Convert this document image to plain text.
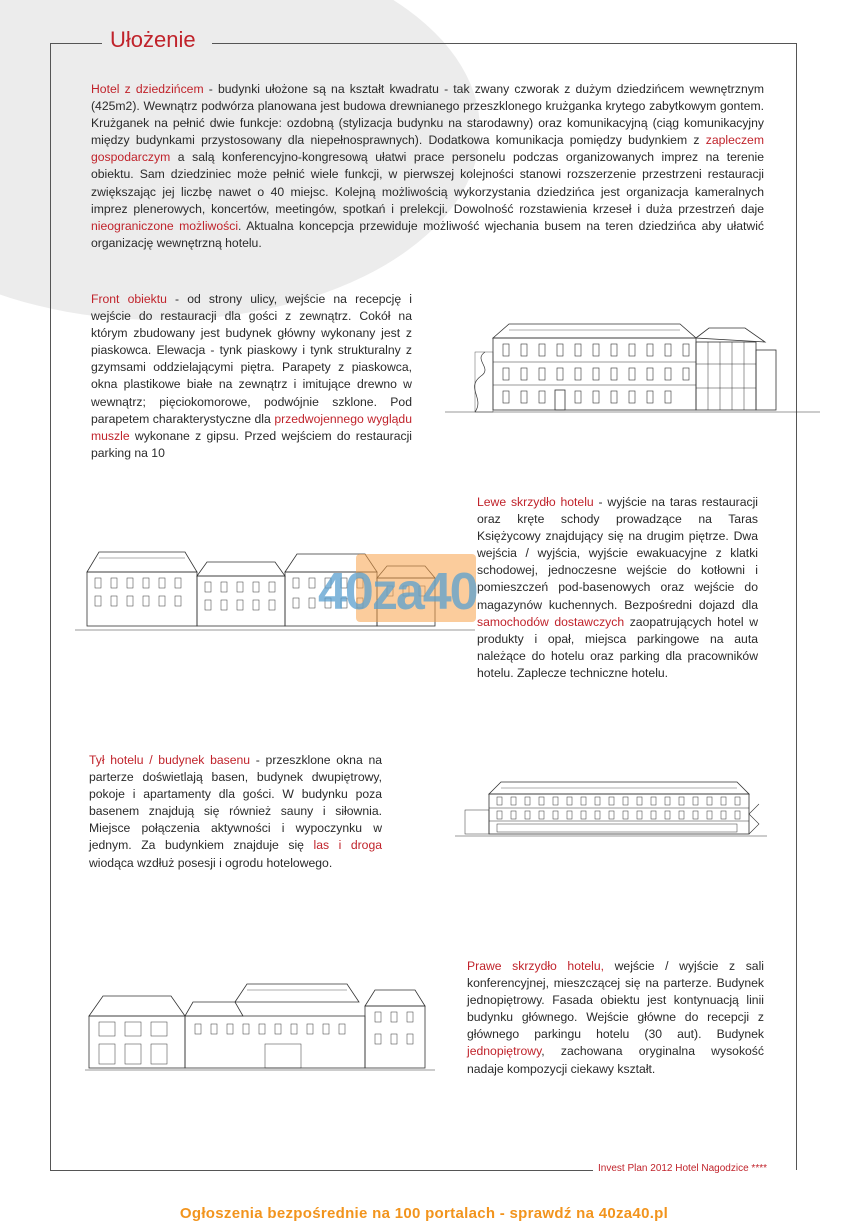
Ułożenie

Hotel z dziedzińcem - budynki ułożone są na kształt kwadratu - tak zwany czworak z dużym dziedzińcem wewnętrznym (425m2). Wewnątrz podwórza planowana jest budowa drewnianego przeszklonego krużganka krytego zabytkowym gontem. Krużganek na pełnić dwie funkcje: ozdobną (stylizacja budynku na starodawny) oraz komunikacyjną (ciąg komunikacyjny między budynkami przystosowany dla niepełnosprawnych). Dodatkowa komunikacja pomiędzy budynkiem z zapleczem gospodarczym a salą konferencyjno-kongresową ułatwi prace personelu podczas organizowanych imprez na terenie obiektu. Sam dziedziniec może pełnić wiele funkcji, w pierwszej kolejności stanowi rozszerzenie przestrzeni restauracji zwiększając jej liczbę nawet o 40 miejsc. Kolejną możliwością wykorzystania dziedzińca jest organizacja kameralnych imprez plenerowych, koncertów, meetingów, spotkań i prelekcji. Dowolność rozstawienia krzeseł i duża przestrzeń daje nieograniczone możliwości. Aktualna koncepcja przewiduje możliwość wjechania busem na teren dziedzińca aby ułatwić organizację wewnętrzną hotelu.

Front obiektu - od strony ulicy, wejście na recepcję i wejście do restauracji dla gości z zewnątrz. Cokół na którym zbudowany jest budynek główny wykonany jest z piaskowca. Elewacja - tynk piaskowy i tynk strukturalny z gzymsami oddzielającymi piętra. Parapety z piaskowca, okna plastikowe białe na zewnątrz i imitujące drewno w wewnątrz; pięciokomorowe, podwójnie szklone. Pod parapetem charakterystyczne dla przedwojennego wyglądu muszle wykonane z gipsu. Przed wejściem do restauracji parking na 10

Lewe skrzydło hotelu - wyjście na taras restauracji oraz kręte schody prowadzące na Taras Księżycowy znajdujący się na drugim piętrze. Dwa wejścia / wyjścia, wyjście ewakuacyjne z klatki schodowej, jednoczesne wejście do kotłowni i pomieszczeń pod-basenowych oraz wejście do magazynów kuchennych. Bezpośredni dojazd dla samochodów dostawczych zaopatrujących hotel w produkty i opał, miejsca parkingowe na auta należące do hotelu oraz parking dla pracowników hotelu. Zaplecze techniczne hotelu.

Tył hotelu / budynek basenu - przeszklone okna na parterze doświetlają basen, budynek dwupiętrowy, pokoje i apartamenty dla gości. W budynku poza basenem znajdują się również sauny i siłownia. Miejsce połączenia aktywności i wypoczynku w jednym. Za budynkiem znajduje się las i droga wiodąca wzdłuż posesji i ogrodu hotelowego.

Prawe skrzydło hotelu, wejście / wyjście z sali konferencyjnej, mieszczącej się na parterze. Budynek jednopiętrowy. Fasada obiektu jest kontynuacją linii budynku głównego. Wejście główne do recepcji z głównego parkingu hotelu (30 aut). Budynek jednopiętrowy, zachowana oryginalna wysokość nadaje kompozycji ciekawy kształt.

40za40
Invest Plan 2012 Hotel Nagodzice ****
Ogłoszenia bezpośrednie na 100 portalach - sprawdź na 40za40.pl
